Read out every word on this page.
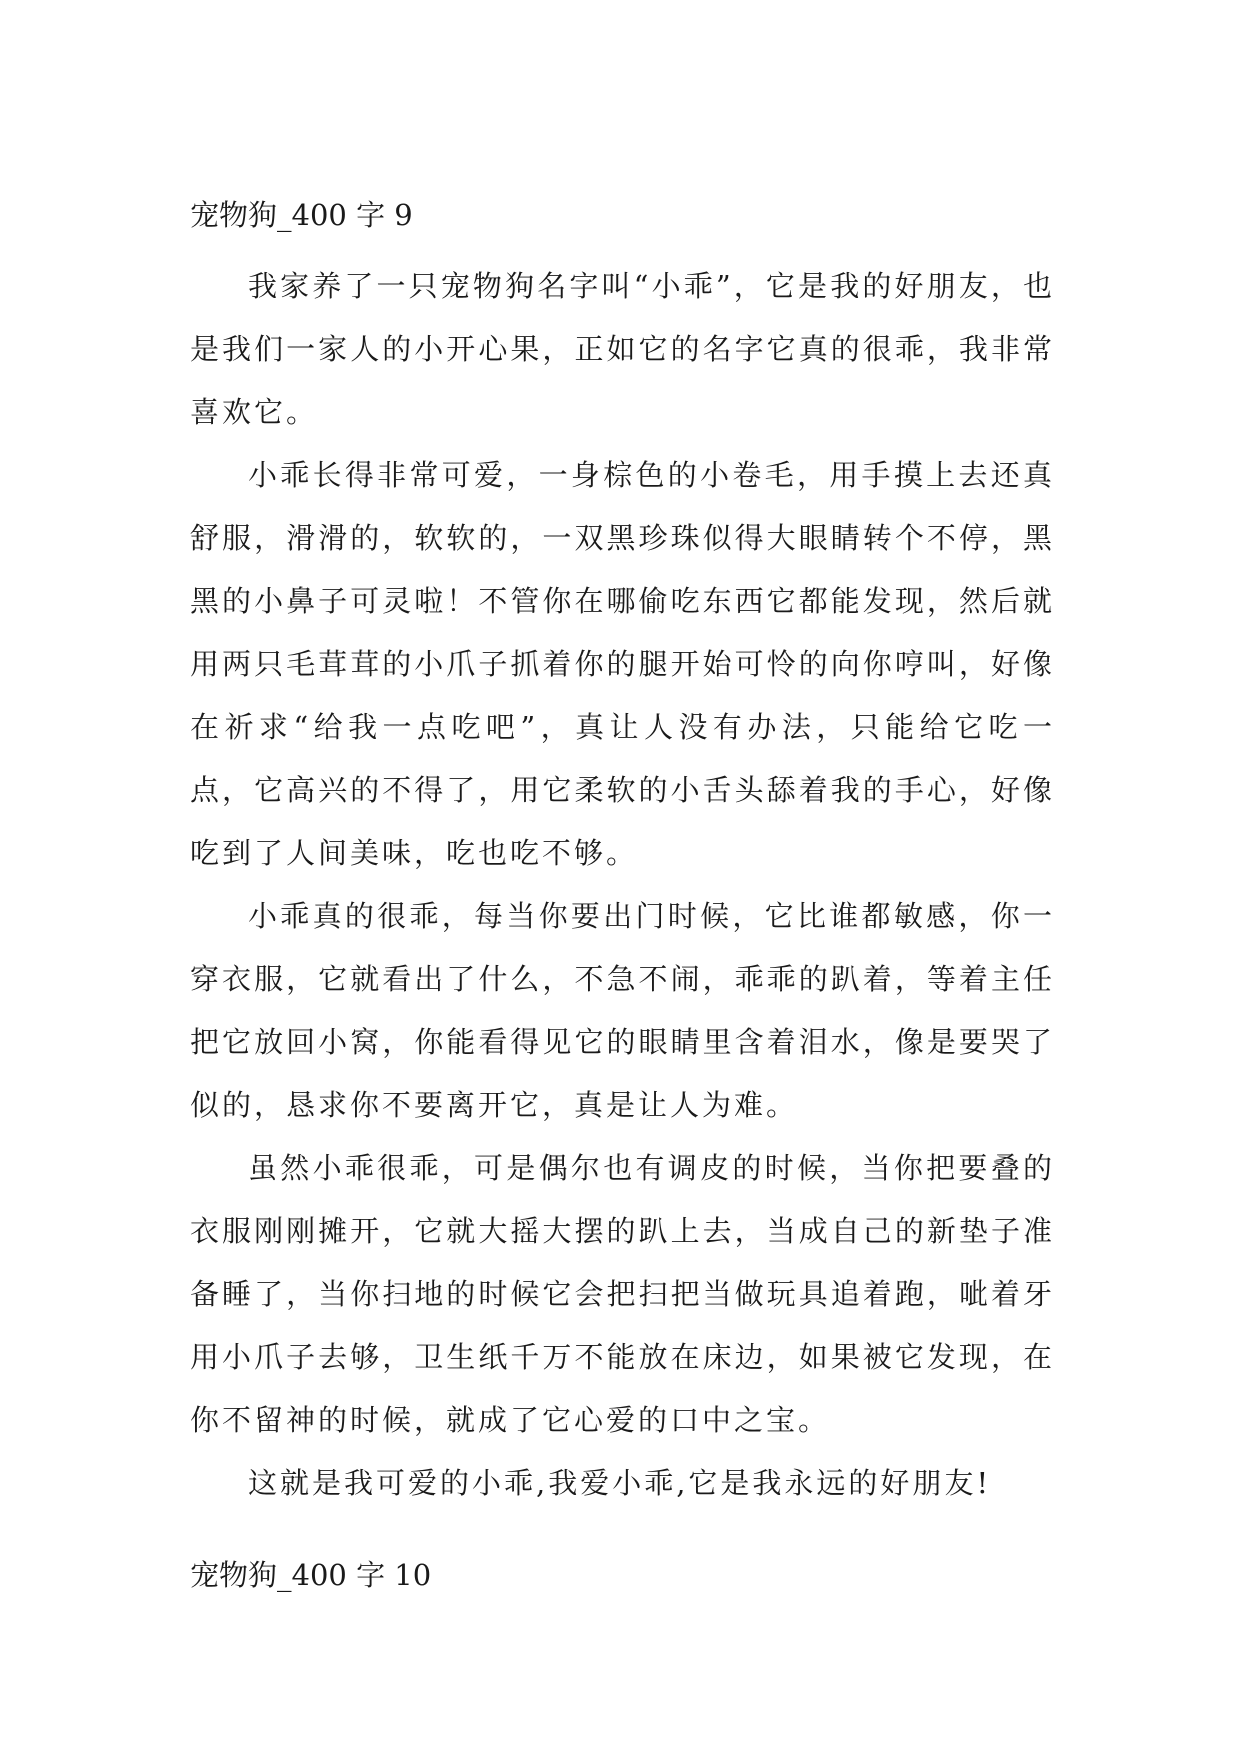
宠物狗_400 字 9

我家养了一只宠物狗名字叫“小乖”，它是我的好朋友，也是我们一家人的小开心果，正如它的名字它真的很乖，我非常喜欢它。

小乖长得非常可爱，一身棕色的小卷毛，用手摸上去还真舒服，滑滑的，软软的，一双黑珍珠似得大眼睛转个不停，黑黑的小鼻子可灵啦！不管你在哪偷吃东西它都能发现，然后就用两只毛茸茸的小爪子抓着你的腿开始可怜的向你哼叫，好像在祈求“给我一点吃吧”，真让人没有办法，只能给它吃一点，它高兴的不得了，用它柔软的小舌头舔着我的手心，好像吃到了人间美味，吃也吃不够。

小乖真的很乖，每当你要出门时候，它比谁都敏感，你一穿衣服，它就看出了什么，不急不闹，乖乖的趴着，等着主任把它放回小窝，你能看得见它的眼睛里含着泪水，像是要哭了似的，恳求你不要离开它，真是让人为难。

虽然小乖很乖，可是偶尔也有调皮的时候，当你把要叠的衣服刚刚摊开，它就大摇大摆的趴上去，当成自己的新垫子准备睡了，当你扫地的时候它会把扫把当做玩具追着跑，呲着牙用小爪子去够，卫生纸千万不能放在床边，如果被它发现，在你不留神的时候，就成了它心爱的口中之宝。

这就是我可爱的小乖,我爱小乖,它是我永远的好朋友!

宠物狗_400 字 10
